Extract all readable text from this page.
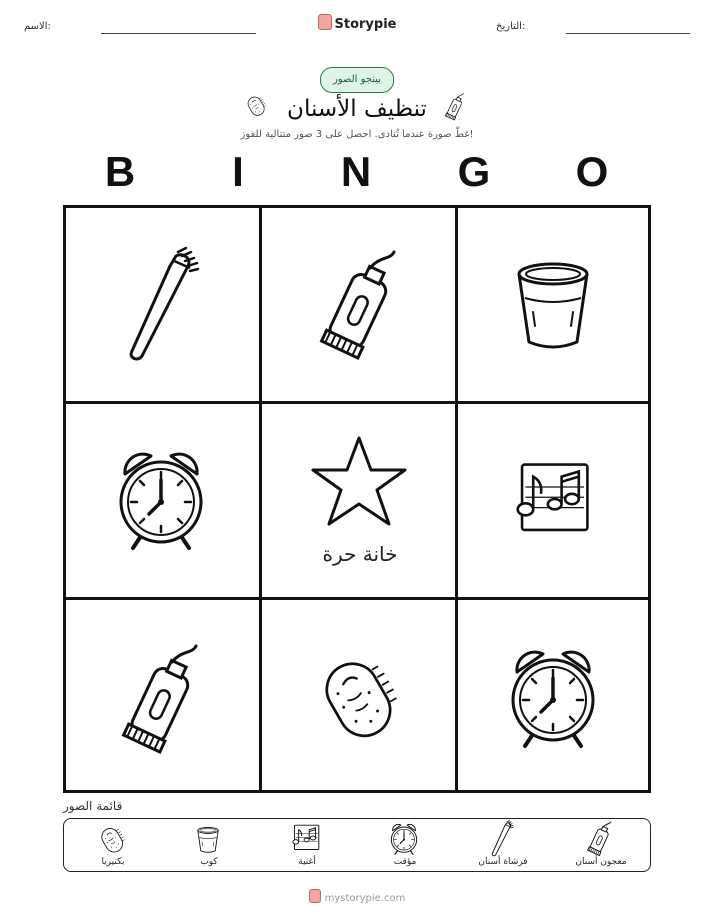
الاسم:	Storypie	التاريخ:
بينجو الصور
تنظيف الأسنان
غطّ صورة عندما تُنادى. احصل على 3 صور متتالية للفوز!
B	I	N	G	O
خانة حرة
قائمة الصور
بكتيريا	كوب	أغنية	مؤقت	فرشاة أسنان	معجون أسنان
mystorypie.com
